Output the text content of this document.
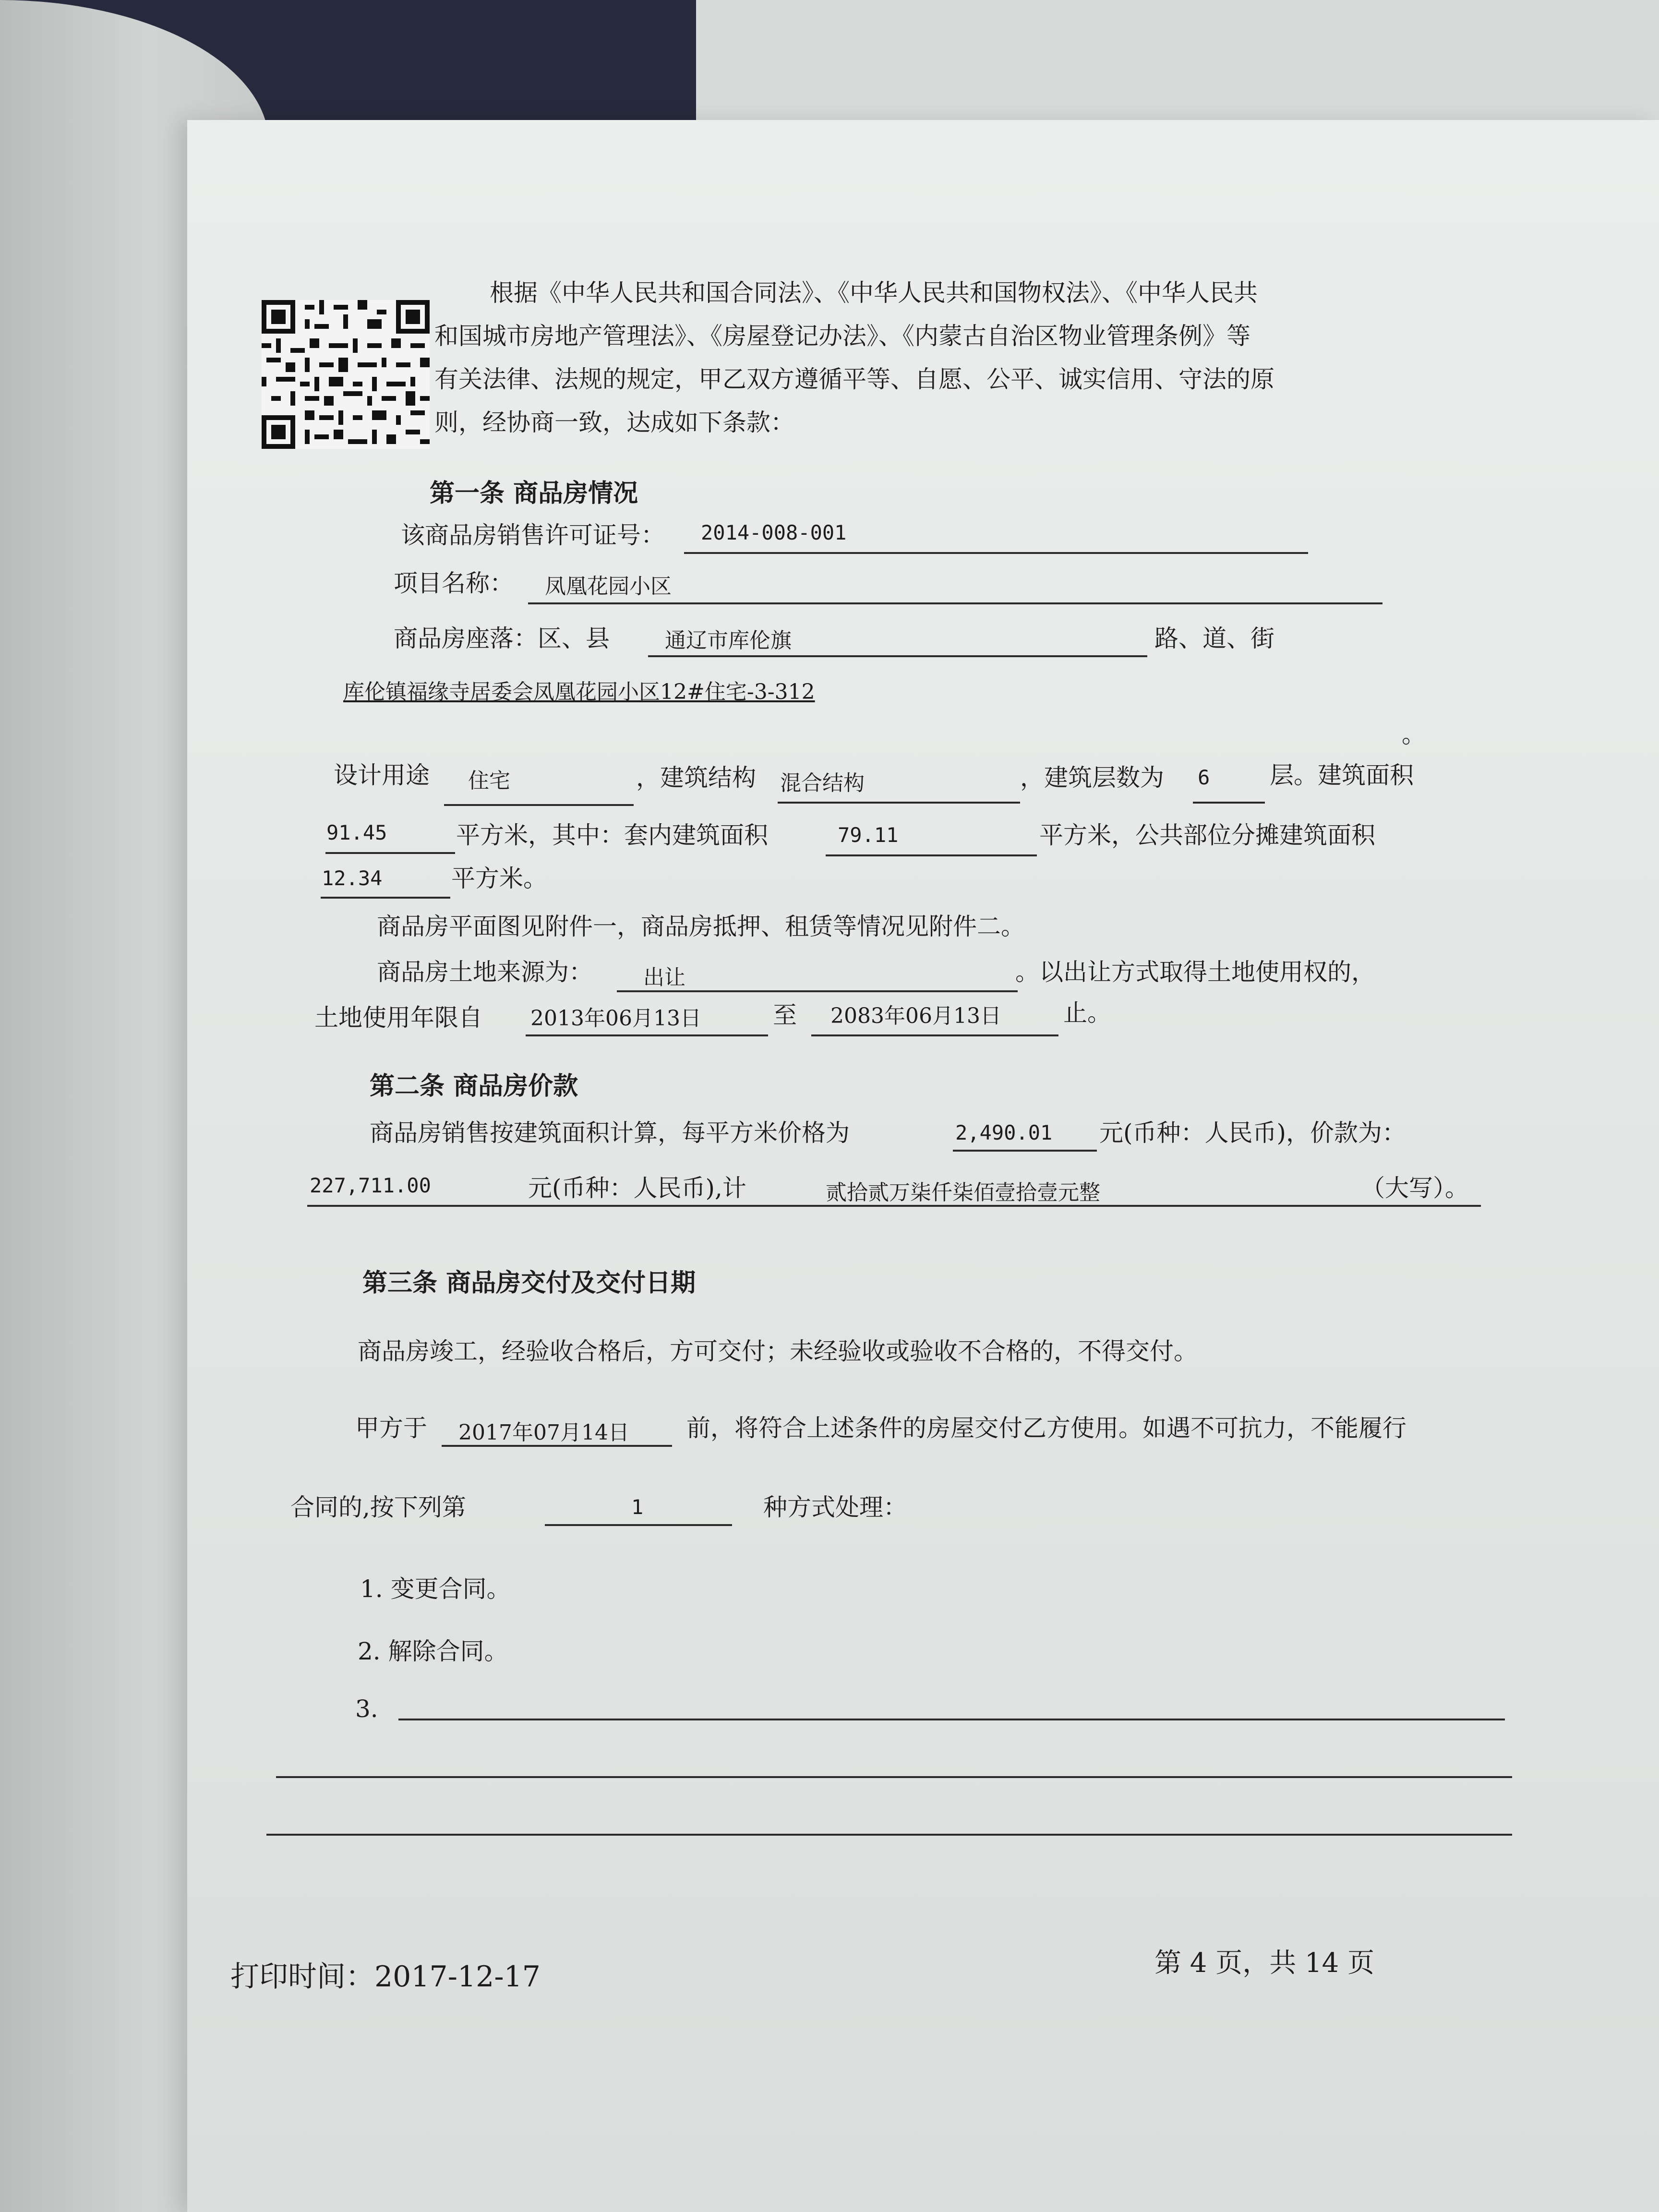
根据《中华人民共和国合同法》、《中华人民共和国物权法》、《中华人民共
和国城市房地产管理法》、《房屋登记办法》、《内蒙古自治区物业管理条例》等
有关法律、法规的规定，甲乙双方遵循平等、自愿、公平、诚实信用、守法的原
则，经协商一致，达成如下条款：
第一条 商品房情况
该商品房销售许可证号： 2014-008-001
项目名称： 凤凰花园小区
商品房座落：区、县	通辽市库伦旗	路、道、街
库伦镇福缘寺居委会凤凰花园小区12#住宅-3-312
。
设计用途 住宅	，建筑结构 混合结构	，建筑层数为 6 层。建筑面积
91.45	平方米，其中：套内建筑面积	79.11	平方米，公共部位分摊建筑面积
12.34	平方米。
商品房平面图见附件一，商品房抵押、租赁等情况见附件二。
商品房土地来源为： 出让	。以出让方式取得土地使用权的，
土地使用年限自 2013年06月13日	至 2083年06月13日	止。
第二条 商品房价款
商品房销售按建筑面积计算，每平方米价格为	2,490.01 元(币种：人民币)，价款为：
227,711.00	元(币种：人民币),计	贰拾贰万柒仟柒佰壹拾壹元整	（大写）。
第三条 商品房交付及交付日期
商品房竣工，经验收合格后，方可交付；未经验收或验收不合格的，不得交付。
甲方于 2017年07月14日 前，将符合上述条件的房屋交付乙方使用。如遇不可抗力，不能履行
合同的,按下列第	1	种方式处理：
1. 变更合同。
2. 解除合同。
3.
打印时间：2017-12-17	第 4 页，共 14 页
